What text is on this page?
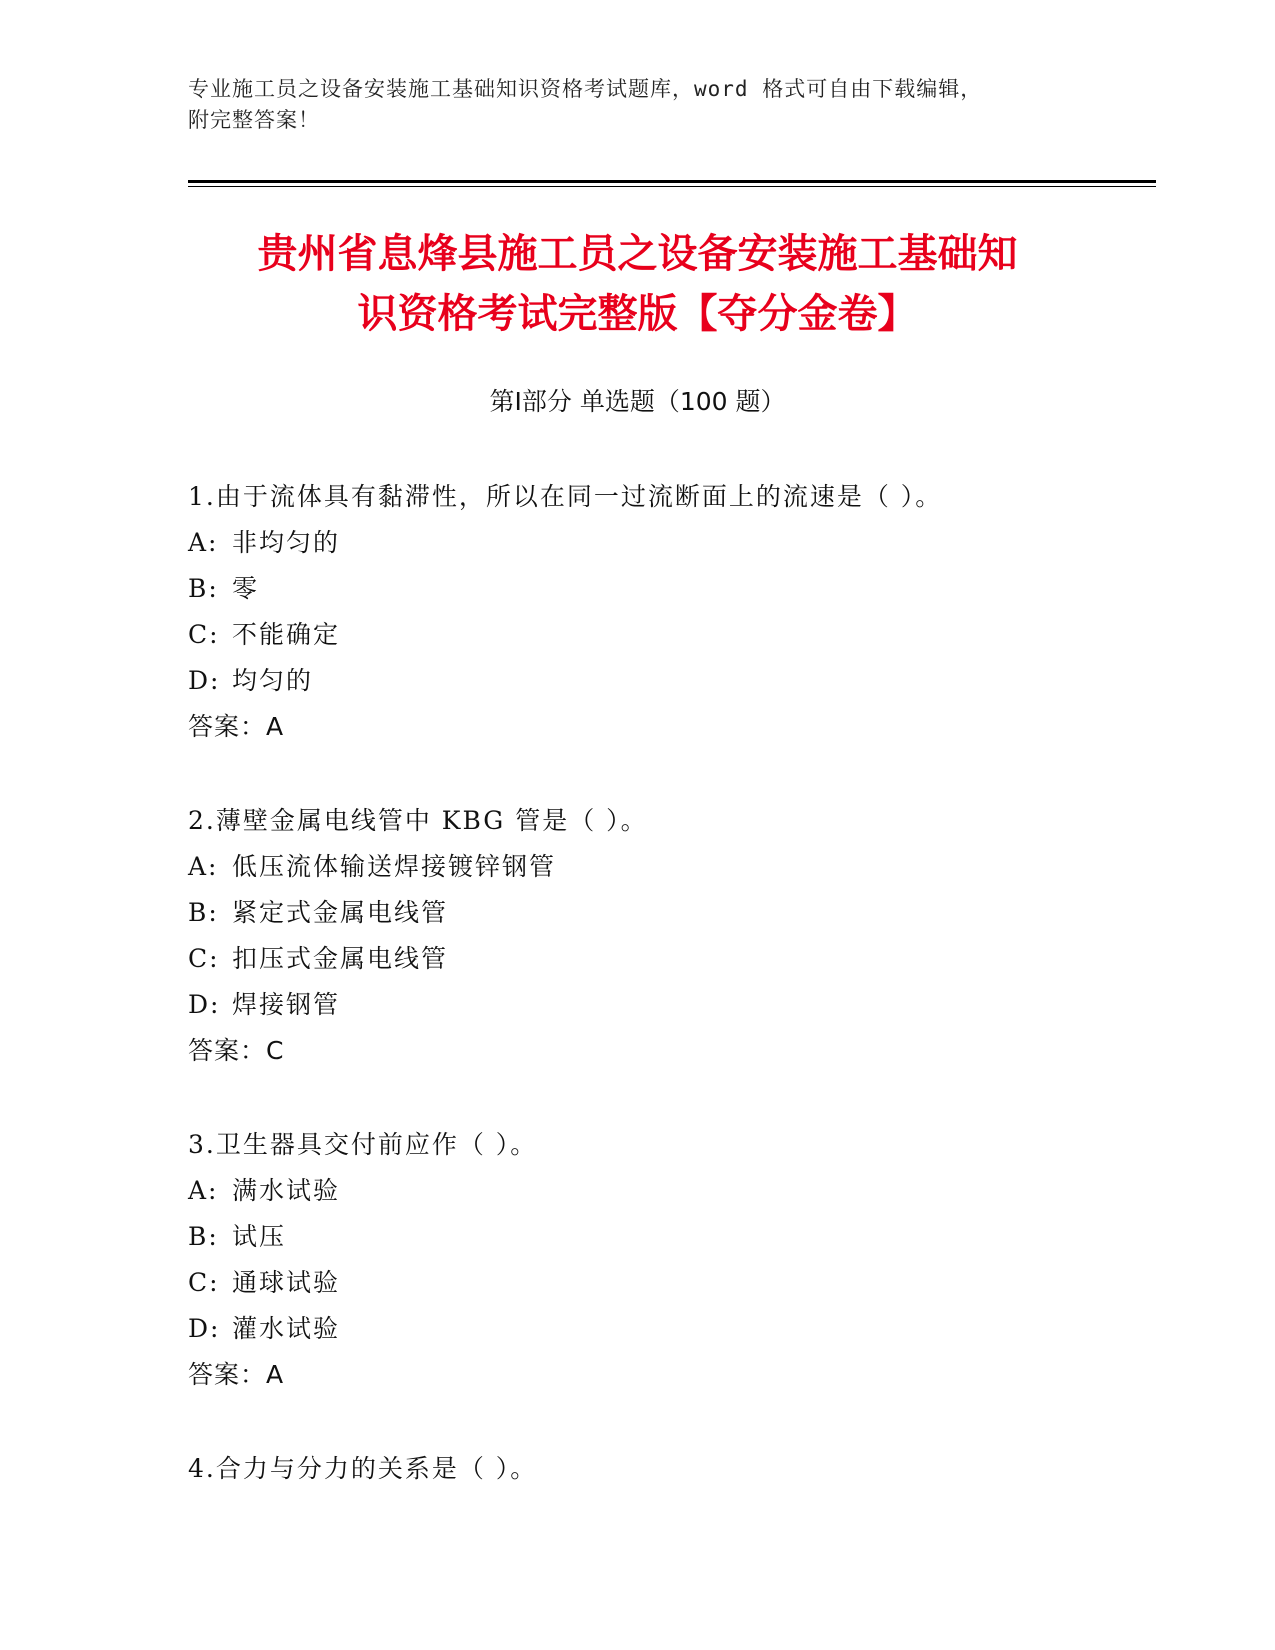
专业施工员之设备安装施工基础知识资格考试题库，word 格式可自由下载编辑，
附完整答案！
贵州省息烽县施工员之设备安装施工基础知
识资格考试完整版【夺分金卷】
第Ⅰ部分 单选题（100 题）
1.由于流体具有黏滞性，所以在同一过流断面上的流速是（ ）。
A: 非均匀的
B: 零
C: 不能确定
D: 均匀的
答案：A
2.薄壁金属电线管中 KBG 管是（ ）。
A: 低压流体输送焊接镀锌钢管
B: 紧定式金属电线管
C: 扣压式金属电线管
D: 焊接钢管
答案：C
3.卫生器具交付前应作（ ）。
A: 满水试验
B: 试压
C: 通球试验
D: 灌水试验
答案：A
4.合力与分力的关系是（ ）。
